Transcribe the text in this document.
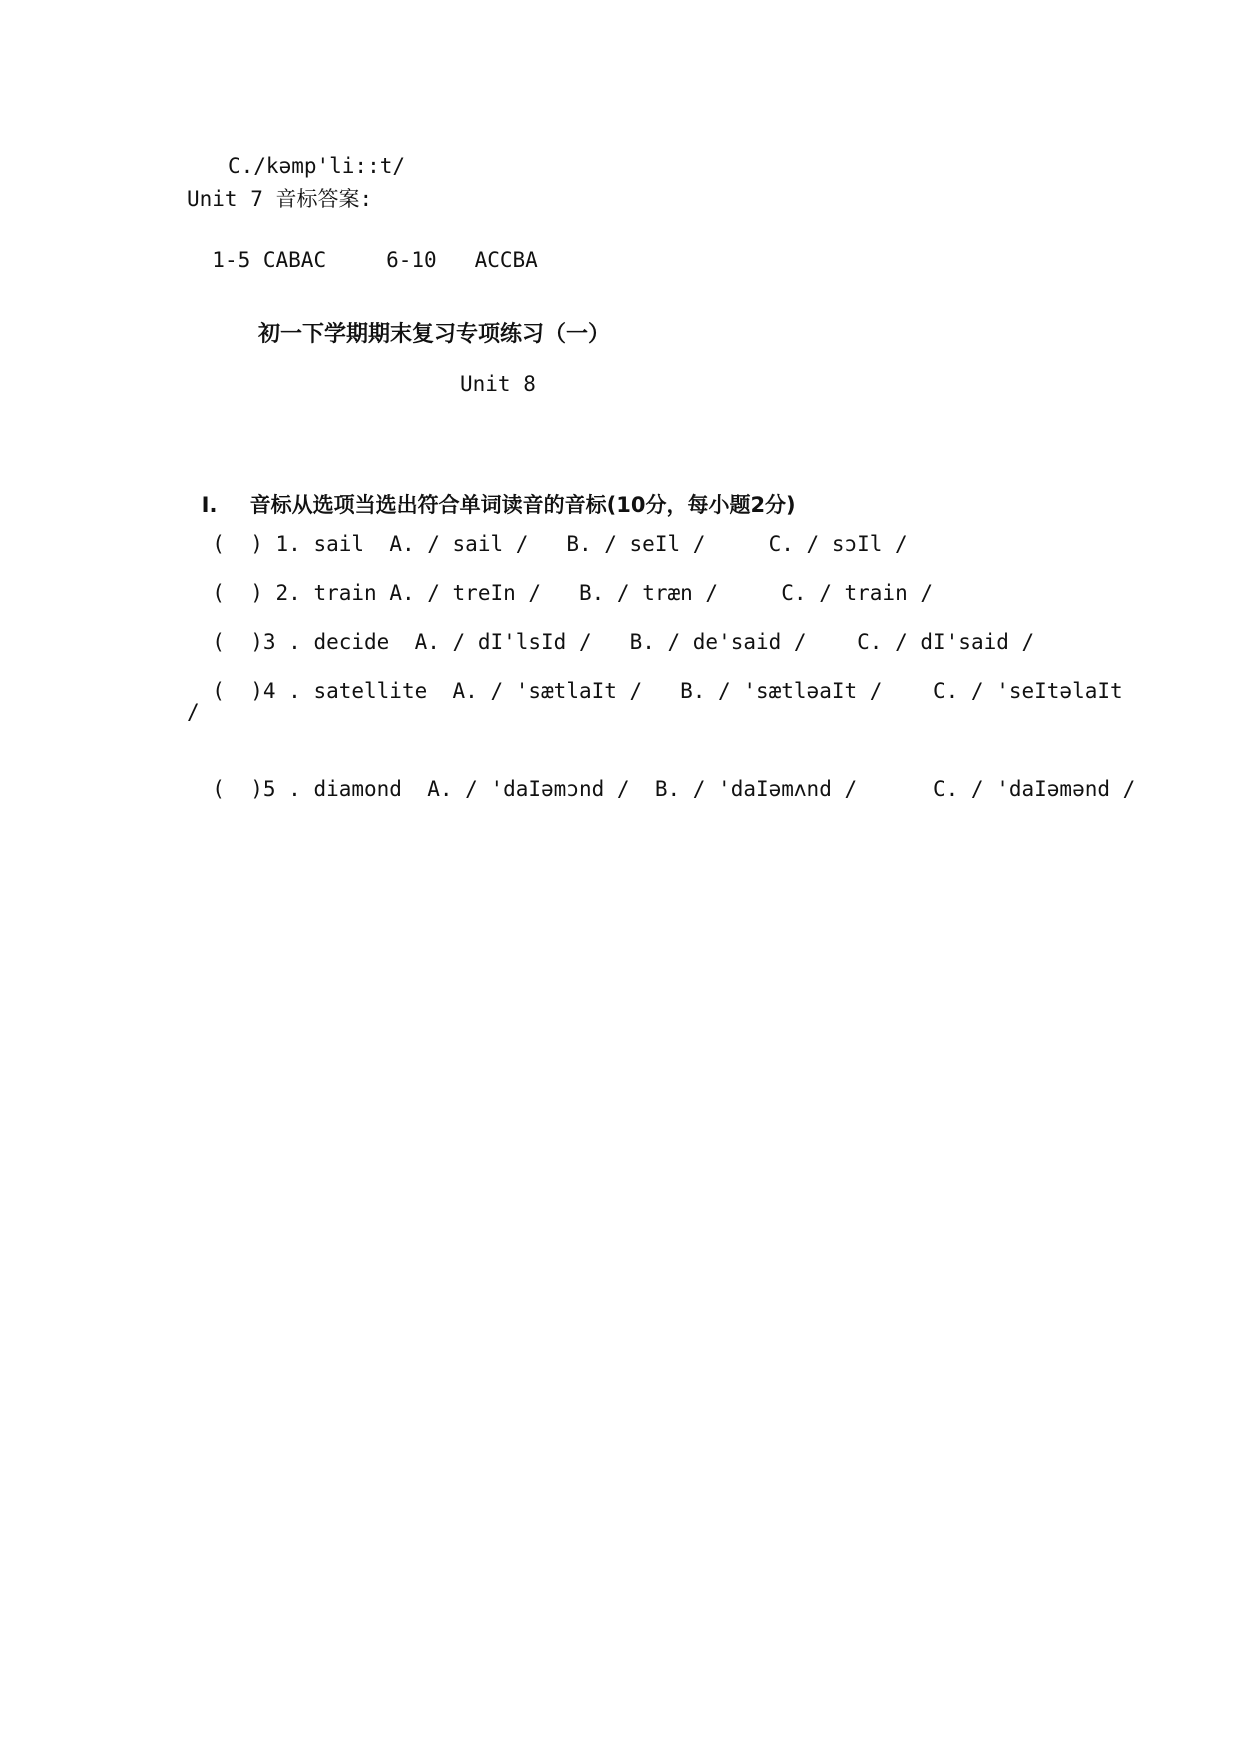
C./kəmp'li::t/
Unit 7 音标答案:

1-5 CABAC	6-10   ACCBA

初一下学期期末复习专项练习（一）
Unit 8

I. 音标从选项当选出符合单词读音的音标(10分，每小题2分)

(  ) 1. sail A. / sail / B. / seIl /	C. / sɔIl /

(  ) 2. train A. / treIn / B. / træn /	C. / train /

(  )3 . decide A. / dI'lsId / B. / de'said / C. / dI'said /

(  )4 . satellite A. / 'sætlaIt / B. / 'sætləaIt / C. / 'seItəlaIt

/

(  )5 . diamond A. / 'daIəmɔnd / B. / 'daIəmʌnd /	C. / 'daIəmənd /
